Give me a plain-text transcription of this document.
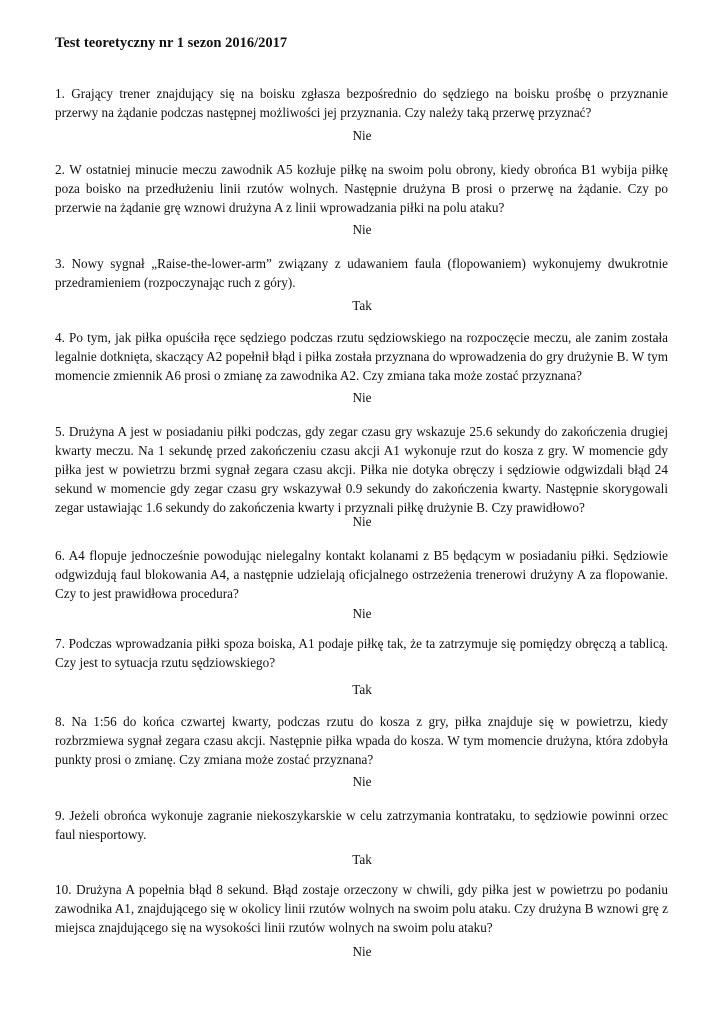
Test teoretyczny nr 1 sezon 2016/2017
1. Grający trener znajdujący się na boisku zgłasza bezpośrednio do sędziego na boisku prośbę o przyznanie przerwy na żądanie podczas następnej możliwości jej przyznania. Czy należy taką przerwę przyznać?
Nie
2. W ostatniej minucie meczu zawodnik A5 kozłuje piłkę na swoim polu obrony, kiedy obrońca B1 wybija piłkę poza boisko na przedłużeniu linii rzutów wolnych. Następnie drużyna B prosi o przerwę na żądanie. Czy po przerwie na żądanie grę wznowi drużyna A z linii wprowadzania piłki na polu ataku?
Nie
3. Nowy sygnał „Raise-the-lower-arm” związany z udawaniem faula (flopowaniem) wykonujemy dwukrotnie przedramieniem (rozpoczynając ruch z góry).
Tak
4. Po tym, jak piłka opuściła ręce sędziego podczas rzutu sędziowskiego na rozpoczęcie meczu, ale zanim została legalnie dotknięta, skaczący A2 popełnił błąd i piłka została przyznana do wprowadzenia do gry drużynie B. W tym momencie zmiennik A6 prosi o zmianę za zawodnika A2. Czy zmiana taka może zostać przyznana?
Nie
5. Drużyna A jest w posiadaniu piłki podczas, gdy zegar czasu gry wskazuje 25.6 sekundy do zakończenia drugiej kwarty meczu. Na 1 sekundę przed zakończeniu czasu akcji A1 wykonuje rzut do kosza z gry. W momencie gdy piłka jest w powietrzu brzmi sygnał zegara czasu akcji. Piłka nie dotyka obręczy i sędziowie odgwizdali błąd 24 sekund w momencie gdy zegar czasu gry wskazywał 0.9 sekundy do zakończenia kwarty. Następnie skorygowali zegar ustawiając 1.6 sekundy do zakończenia kwarty i przyznali piłkę drużynie B. Czy prawidłowo?
Nie
6. A4 flopuje jednocześnie powodując nielegalny kontakt kolanami z B5 będącym w posiadaniu piłki. Sędziowie odgwizdują faul blokowania A4, a następnie udzielają oficjalnego ostrzeżenia trenerowi drużyny A za flopowanie. Czy to jest prawidłowa procedura?
Nie
7. Podczas wprowadzania piłki spoza boiska, A1 podaje piłkę tak, że ta zatrzymuje się pomiędzy obręczą a tablicą. Czy jest to sytuacja rzutu sędziowskiego?
Tak
8. Na 1:56 do końca czwartej kwarty, podczas rzutu do kosza z gry, piłka znajduje się w powietrzu, kiedy rozbrzmiewa sygnał zegara czasu akcji. Następnie piłka wpada do kosza. W tym momencie drużyna, która zdobyła punkty prosi o zmianę. Czy zmiana może zostać przyznana?
Nie
9. Jeżeli obrońca wykonuje zagranie niekoszykarskie w celu zatrzymania kontrataku, to sędziowie powinni orzec faul niesportowy.
Tak
10. Drużyna A popełnia błąd 8 sekund. Błąd zostaje orzeczony w chwili, gdy piłka jest w powietrzu po podaniu zawodnika A1, znajdującego się w okolicy linii rzutów wolnych na swoim polu ataku. Czy drużyna B wznowi grę z miejsca znajdującego się na wysokości linii rzutów wolnych na swoim polu ataku?
Nie
